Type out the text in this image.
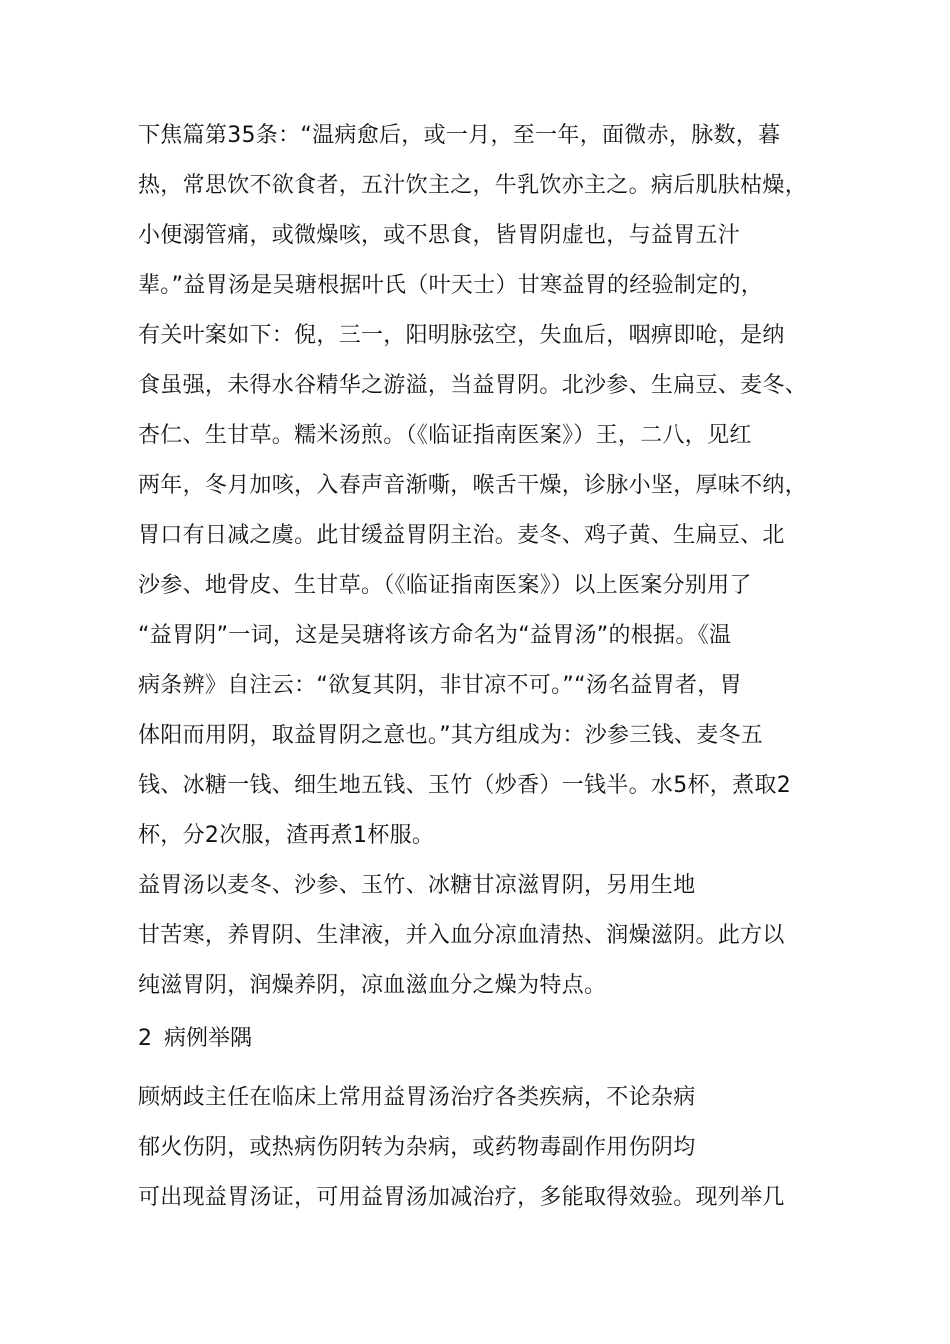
下焦篇第35条：“温病愈后，或一月，至一年，面微赤，脉数，暮
热，常思饮不欲食者，五汁饮主之，牛乳饮亦主之。病后肌肤枯燥，
小便溺管痛，或微燥咳，或不思食，皆胃阴虚也，与益胃五汁
辈。”益胃汤是吴瑭根据叶氏（叶天士）甘寒益胃的经验制定的，
有关叶案如下：倪，三一，阳明脉弦空，失血后，咽痹即呛，是纳
食虽强，未得水谷精华之游溢，当益胃阴。北沙参、生扁豆、麦冬、
杏仁、生甘草。糯米汤煎。（《临证指南医案》）王，二八，见红
两年，冬月加咳，入春声音渐嘶，喉舌干燥，诊脉小坚，厚味不纳，
胃口有日减之虞。此甘缓益胃阴主治。麦冬、鸡子黄、生扁豆、北
沙参、地骨皮、生甘草。（《临证指南医案》）以上医案分别用了
“益胃阴”一词，这是吴瑭将该方命名为“益胃汤”的根据。《温
病条辨》自注云：“欲复其阴，非甘凉不可。”“汤名益胃者，胃
体阳而用阴，取益胃阴之意也。”其方组成为：沙参三钱、麦冬五
钱、冰糖一钱、细生地五钱、玉竹（炒香）一钱半。水5杯，煮取2
杯，分2次服，渣再煮1杯服。
益胃汤以麦冬、沙参、玉竹、冰糖甘凉滋胃阴，另用生地
甘苦寒，养胃阴、生津液，并入血分凉血清热、润燥滋阴。此方以
纯滋胃阴，润燥养阴，凉血滋血分之燥为特点。
2 病例举隅
顾炳歧主任在临床上常用益胃汤治疗各类疾病，不论杂病
郁火伤阴，或热病伤阴转为杂病，或药物毒副作用伤阴均
可出现益胃汤证，可用益胃汤加减治疗，多能取得效验。现列举几
